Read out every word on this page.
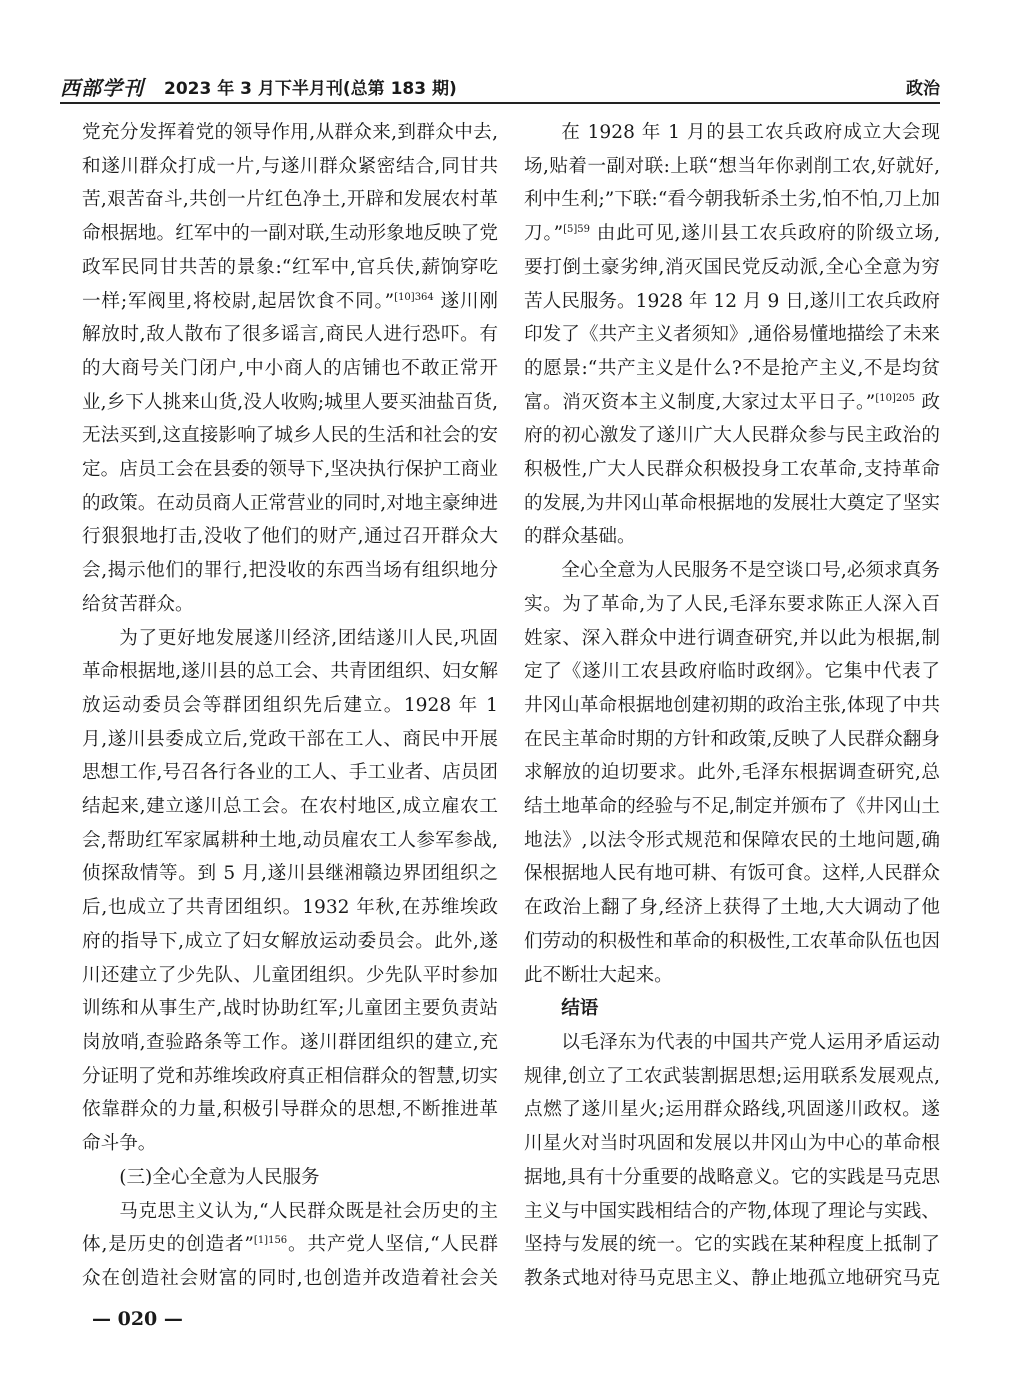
西部学刊 2023 年 3 月下半月刊(总第 183 期)	政治

党充分发挥着党的领导作用,从群众来,到群众中去,和遂川群众打成一片,与遂川群众紧密结合,同甘共苦,艰苦奋斗,共创一片红色净土,开辟和发展农村革命根据地。红军中的一副对联,生动形象地反映了党政军民同甘共苦的景象:“红军中,官兵伕,薪饷穿吃一样;军阀里,将校尉,起居饮食不同。”$^{[10]364}$ 遂川刚解放时,敌人散布了很多谣言,商民人进行恐吓。有的大商号关门闭户,中小商人的店铺也不敢正常开业,乡下人挑来山货,没人收购;城里人要买油盐百货,无法买到,这直接影响了城乡人民的生活和社会的安定。店员工会在县委的领导下,坚决执行保护工商业的政策。在动员商人正常营业的同时,对地主豪绅进行狠狠地打击,没收了他们的财产,通过召开群众大会,揭示他们的罪行,把没收的东西当场有组织地分给贫苦群众。

为了更好地发展遂川经济,团结遂川人民,巩固革命根据地,遂川县的总工会、共青团组织、妇女解放运动委员会等群团组织先后建立。1928 年 1 月,遂川县委成立后,党政干部在工人、商民中开展思想工作,号召各行各业的工人、手工业者、店员团结起来,建立遂川总工会。在农村地区,成立雇农工会,帮助红军家属耕种土地,动员雇农工人参军参战,侦探敌情等。到 5 月,遂川县继湘赣边界团组织之后,也成立了共青团组织。1932 年秋,在苏维埃政府的指导下,成立了妇女解放运动委员会。此外,遂川还建立了少先队、儿童团组织。少先队平时参加训练和从事生产,战时协助红军;儿童团主要负责站岗放哨,查验路条等工作。遂川群团组织的建立,充分证明了党和苏维埃政府真正相信群众的智慧,切实依靠群众的力量,积极引导群众的思想,不断推进革命斗争。

(三)全心全意为人民服务

马克思主义认为,“人民群众既是社会历史的主体,是历史的创造者”$^{[1]156}$。共产党人坚信,“人民群众在创造社会财富的同时,也创造并改造着社会关

在 1928 年 1 月的县工农兵政府成立大会现场,贴着一副对联:上联“想当年你剥削工农,好就好,利中生利;”下联:“看今朝我斩杀土劣,怕不怕,刀上加刀。”$^{[5]59}$ 由此可见,遂川县工农兵政府的阶级立场,要打倒土豪劣绅,消灭国民党反动派,全心全意为穷苦人民服务。1928 年 12 月 9 日,遂川工农兵政府印发了《共产主义者须知》,通俗易懂地描绘了未来的愿景:“共产主义是什么?不是抢产主义,不是均贫富。消灭资本主义制度,大家过太平日子。”$^{[10]205}$ 政府的初心激发了遂川广大人民群众参与民主政治的积极性,广大人民群众积极投身工农革命,支持革命的发展,为井冈山革命根据地的发展壮大奠定了坚实的群众基础。

全心全意为人民服务不是空谈口号,必须求真务实。为了革命,为了人民,毛泽东要求陈正人深入百姓家、深入群众中进行调查研究,并以此为根据,制定了《遂川工农县政府临时政纲》。它集中代表了井冈山革命根据地创建初期的政治主张,体现了中共在民主革命时期的方针和政策,反映了人民群众翻身求解放的迫切要求。此外,毛泽东根据调查研究,总结土地革命的经验与不足,制定并颁布了《井冈山土地法》,以法令形式规范和保障农民的土地问题,确保根据地人民有地可耕、有饭可食。这样,人民群众在政治上翻了身,经济上获得了土地,大大调动了他们劳动的积极性和革命的积极性,工农革命队伍也因此不断壮大起来。

结语

以毛泽东为代表的中国共产党人运用矛盾运动规律,创立了工农武装割据思想;运用联系发展观点,点燃了遂川星火;运用群众路线,巩固遂川政权。遂川星火对当时巩固和发展以井冈山为中心的革命根据地,具有十分重要的战略意义。它的实践是马克思主义与中国实践相结合的产物,体现了理论与实践、坚持与发展的统一。它的实践在某种程度上抵制了教条式地对待马克思主义、静止地孤立地研究马克

— 020 —
